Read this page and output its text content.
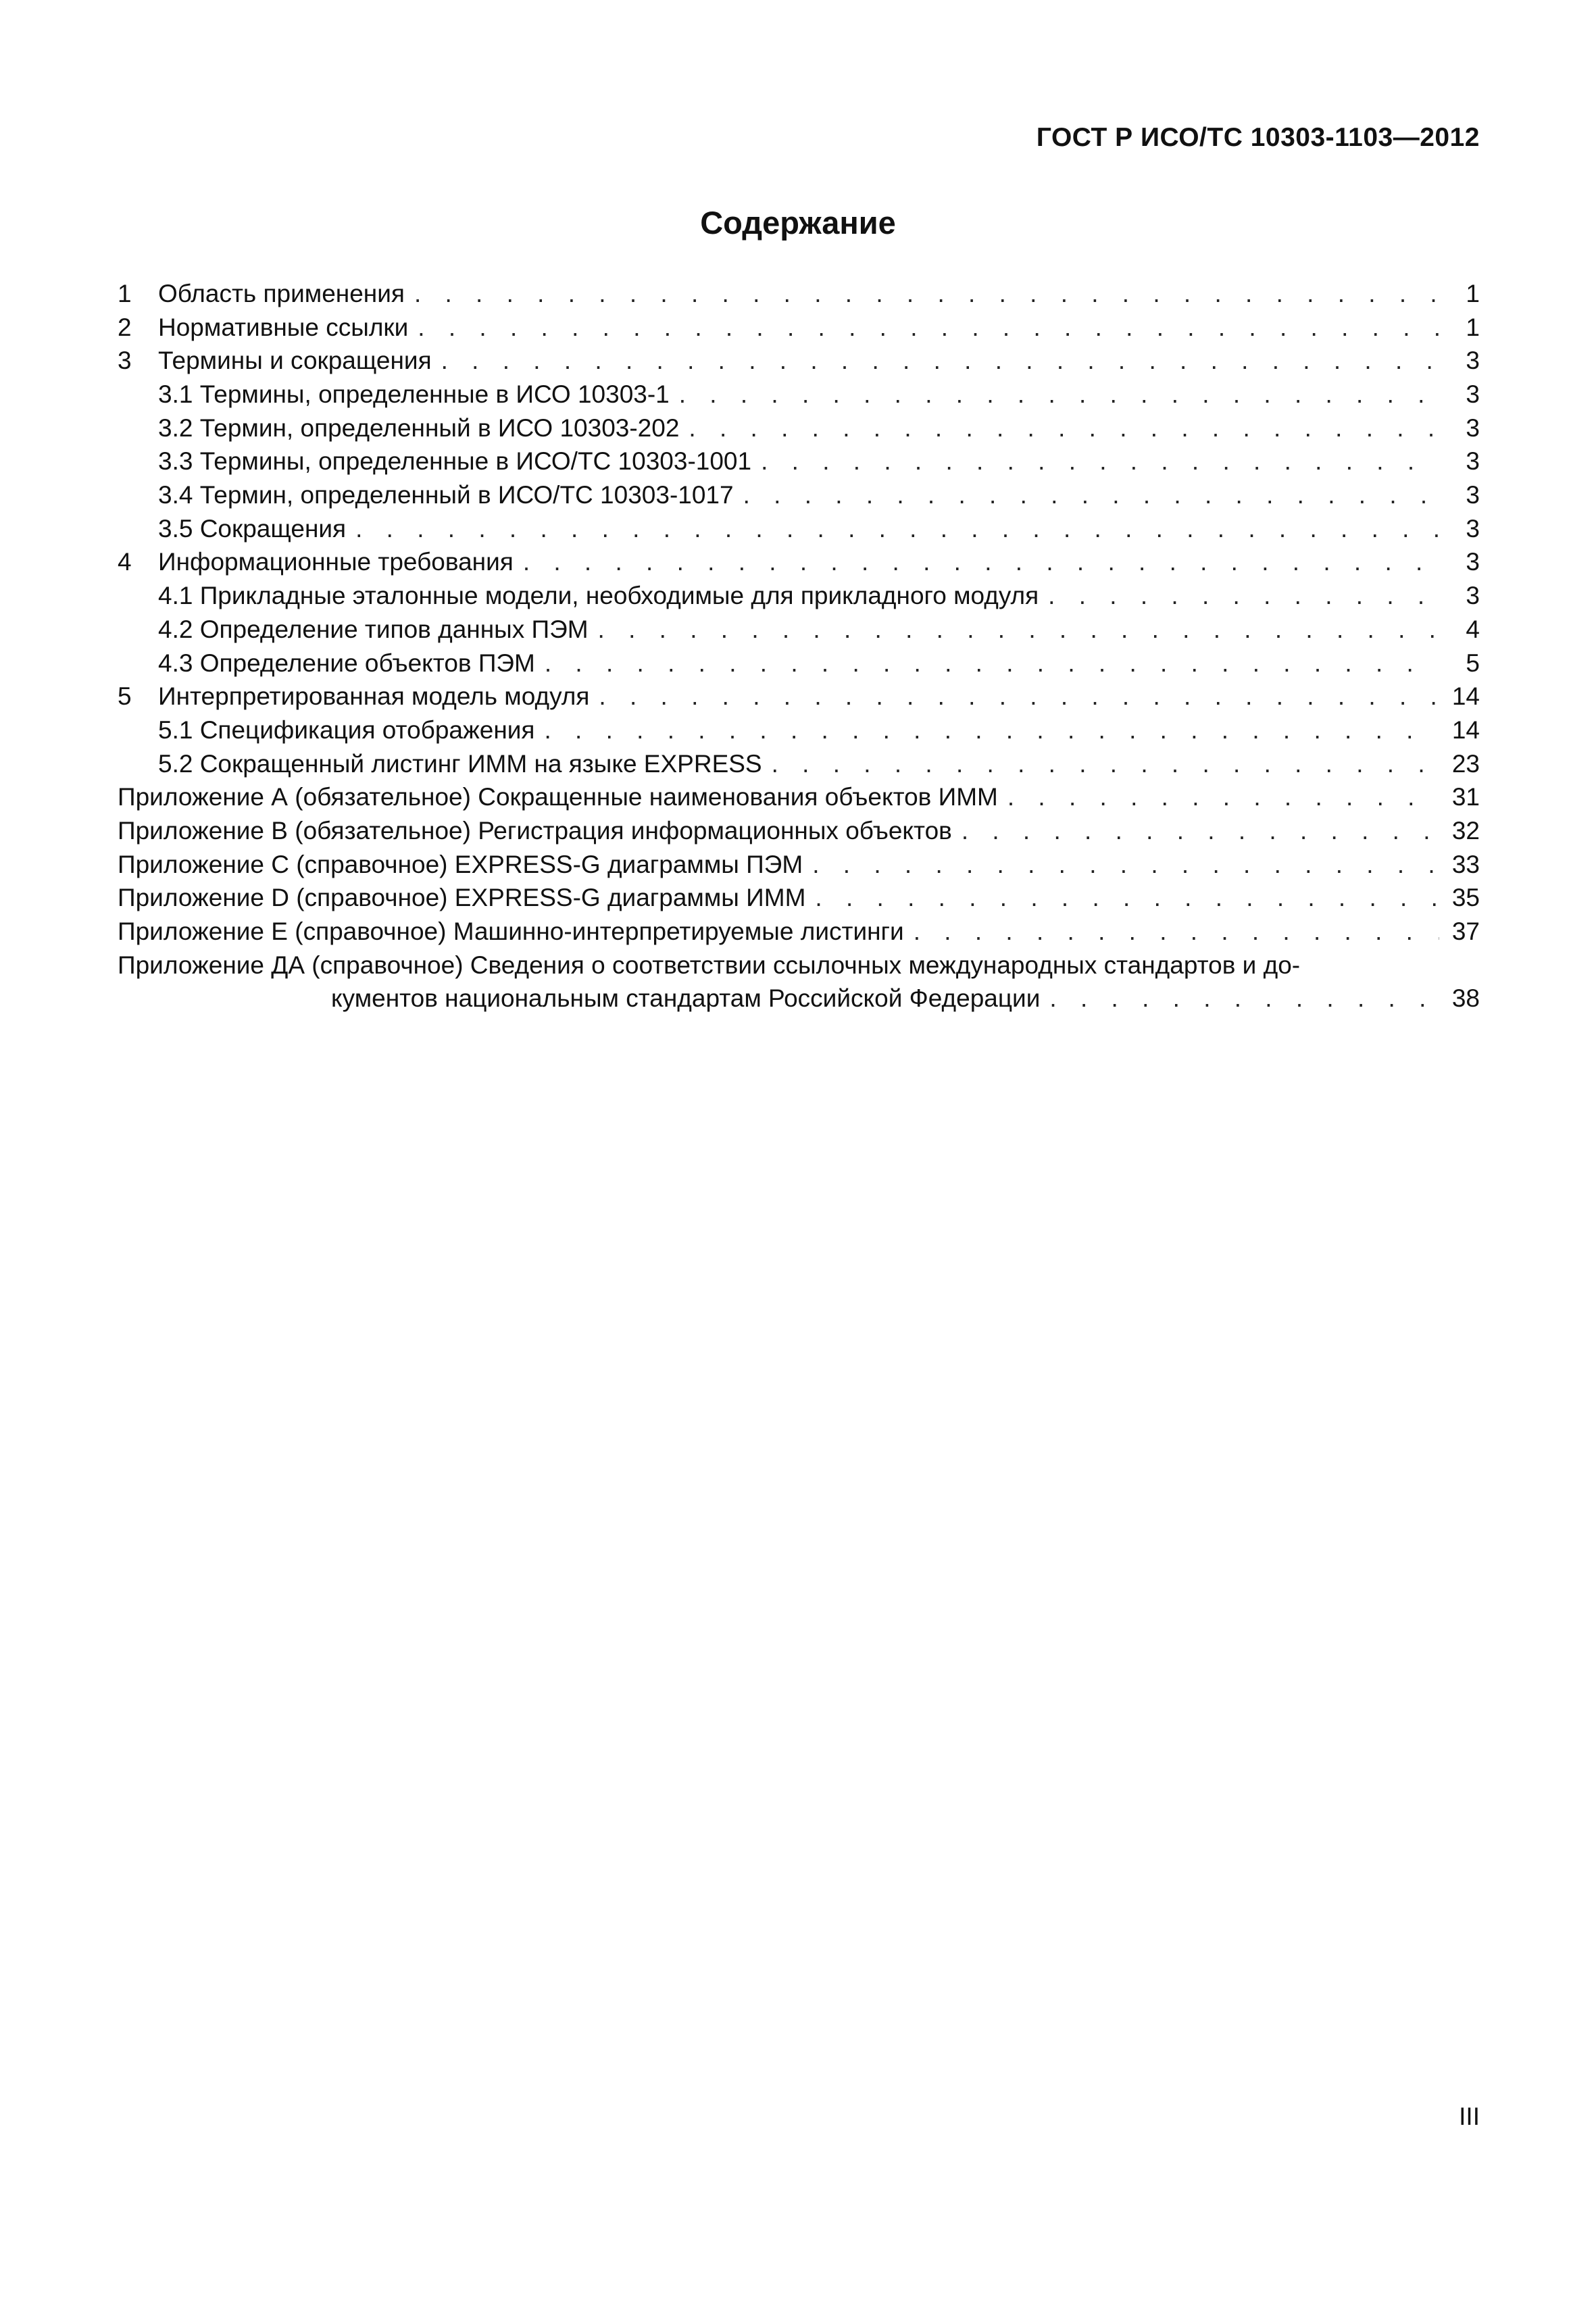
ГОСТ Р ИСО/ТС 10303-1103—2012
Содержание
1	Область применения . . .	1
2	Нормативные ссылки . . .	1
3	Термины и сокращения . . .	3
3.1 Термины, определенные в ИСО 10303-1 . . .	3
3.2 Термин, определенный в ИСО 10303-202 . . .	3
3.3 Термины, определенные в ИСО/ТС 10303-1001 . . .	3
3.4 Термин, определенный в ИСО/ТС 10303-1017 . . .	3
3.5 Сокращения . . .	3
4	Информационные требования . . .	3
4.1 Прикладные эталонные модели, необходимые для прикладного модуля . . .	3
4.2 Определение типов данных ПЭМ . . .	4
4.3 Определение объектов ПЭМ . . .	5
5	Интерпретированная модель модуля . . .	14
5.1 Спецификация отображения . . .	14
5.2 Сокращенный листинг ИММ на языке EXPRESS . . .	23
Приложение А (обязательное) Сокращенные наименования объектов ИММ . . .	31
Приложение В (обязательное) Регистрация информационных объектов . . .	32
Приложение С (справочное) EXPRESS-G диаграммы ПЭМ . . .	33
Приложение D (справочное) EXPRESS-G диаграммы ИММ . . .	35
Приложение Е (справочное) Машинно-интерпретируемые листинги . . .	37
Приложение ДА (справочное) Сведения о соответствии ссылочных международных стандартов и до-
кументов национальным стандартам Российской Федерации . . .	38
III
